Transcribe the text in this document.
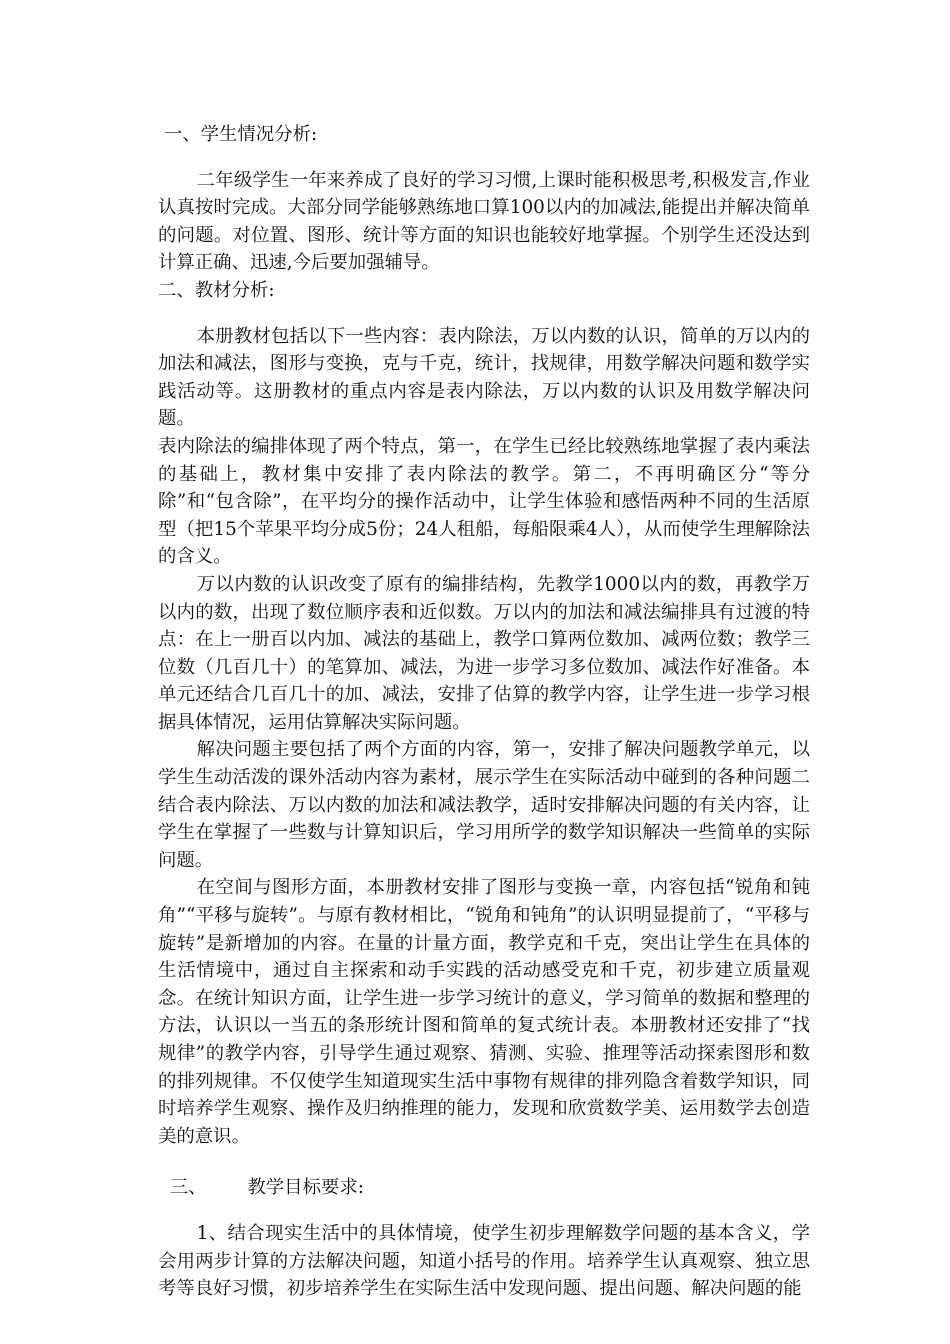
一、学生情况分析:

二年级学生一年来养成了良好的学习习惯,上课时能积极思考,积极发言,作业认真按时完成。大部分同学能够熟练地口算100以内的加减法,能提出并解决简单的问题。对位置、图形、统计等方面的知识也能较好地掌握。个别学生还没达到计算正确、迅速,今后要加强辅导。

二、教材分析:

本册教材包括以下一些内容：表内除法，万以内数的认识，简单的万以内的加法和减法，图形与变换，克与千克，统计，找规律，用数学解决问题和数学实践活动等。这册教材的重点内容是表内除法，万以内数的认识及用数学解决问题。

表内除法的编排体现了两个特点，第一，在学生已经比较熟练地掌握了表内乘法的基础上，教材集中安排了表内除法的教学。第二，不再明确区分“等分除”和“包含除”，在平均分的操作活动中，让学生体验和感悟两种不同的生活原型（把15个苹果平均分成5份；24人租船，每船限乘4人），从而使学生理解除法的含义。

万以内数的认识改变了原有的编排结构，先教学1000以内的数，再教学万以内的数，出现了数位顺序表和近似数。万以内的加法和减法编排具有过渡的特点：在上一册百以内加、减法的基础上，教学口算两位数加、减两位数；教学三位数（几百几十）的笔算加、减法，为进一步学习多位数加、减法作好准备。本单元还结合几百几十的加、减法，安排了估算的教学内容，让学生进一步学习根据具体情况，运用估算解决实际问题。

解决问题主要包括了两个方面的内容，第一，安排了解决问题教学单元，以学生生动活泼的课外活动内容为素材，展示学生在实际活动中碰到的各种问题二结合表内除法、万以内数的加法和减法教学，适时安排解决问题的有关内容，让学生在掌握了一些数与计算知识后，学习用所学的数学知识解决一些简单的实际问题。

在空间与图形方面，本册教材安排了图形与变换一章，内容包括“锐角和钝角”“平移与旋转”。与原有教材相比，“锐角和钝角”的认识明显提前了，“平移与旋转”是新增加的内容。在量的计量方面，教学克和千克，突出让学生在具体的生活情境中，通过自主探索和动手实践的活动感受克和千克，初步建立质量观念。在统计知识方面，让学生进一步学习统计的意义，学习简单的数据和整理的方法，认识以一当五的条形统计图和简单的复式统计表。本册教材还安排了“找规律”的教学内容，引导学生通过观察、猜测、实验、推理等活动探索图形和数的排列规律。不仅使学生知道现实生活中事物有规律的排列隐含着数学知识，同时培养学生观察、操作及归纳推理的能力，发现和欣赏数学美、运用数学去创造美的意识。

三、       教学目标要求:

1、结合现实生活中的具体情境，使学生初步理解数学问题的基本含义，学会用两步计算的方法解决问题，知道小括号的作用。培养学生认真观察、独立思考等良好习惯，初步培养学生在实际生活中发现问题、提出问题、解决问题的能
